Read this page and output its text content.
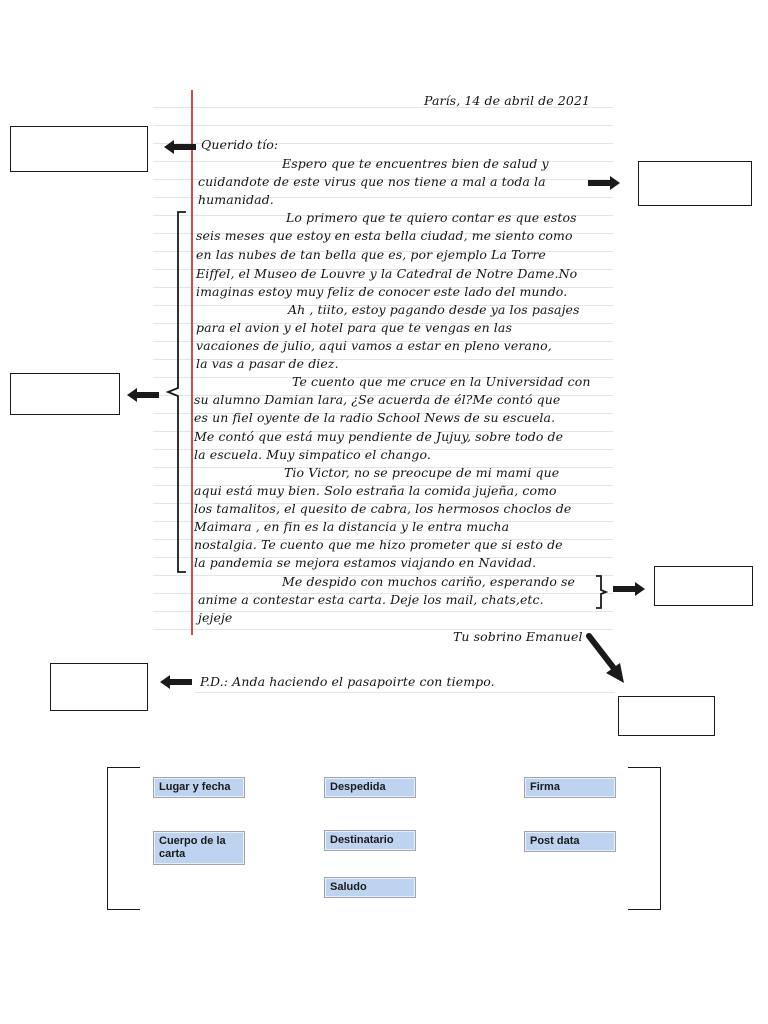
París, 14 de abril de 2021
Querido tío:
Espero que te encuentres bien de salud y
cuidandote de este virus que nos tiene a mal a toda la
humanidad.
Lo primero que te quiero contar es que estos
seis meses que estoy en esta bella ciudad, me siento como
en las nubes de tan bella que es, por ejemplo La Torre
Eiffel, el Museo de Louvre y la Catedral de Notre Dame.No
imaginas estoy muy feliz de conocer este lado del mundo.
Ah , tiito, estoy pagando desde ya los pasajes
para el avion y el hotel para que te vengas en las
vacaiones de julio, aqui vamos a estar en pleno verano,
la vas a pasar de diez.
Te cuento que me cruce en la Universidad con
su alumno Damian lara, ¿Se acuerda de él?Me contó que
es un fiel oyente de la radio School News de su escuela.
Me contó que está muy pendiente de Jujuy, sobre todo de
la escuela. Muy simpatico el chango.
Tio Victor, no se preocupe de mi mami que
aqui está muy bien. Solo estraña la comida jujeña, como
los tamalitos, el quesito de cabra, los hermosos choclos de
Maimara , en fin es la distancia y le entra mucha
nostalgia. Te cuento que me hizo prometer que si esto de
la pandemia se mejora estamos viajando en Navidad.
Me despido con muchos cariño, esperando se
anime a contestar esta carta. Deje los mail, chats,etc.
jejeje
Tu sobrino Emanuel
P.D.: Anda haciendo el pasapoirte con tiempo.
Lugar y fecha	Despedida	Firma
Cuerpo de la carta
Destinatario	Post data
Saludo
